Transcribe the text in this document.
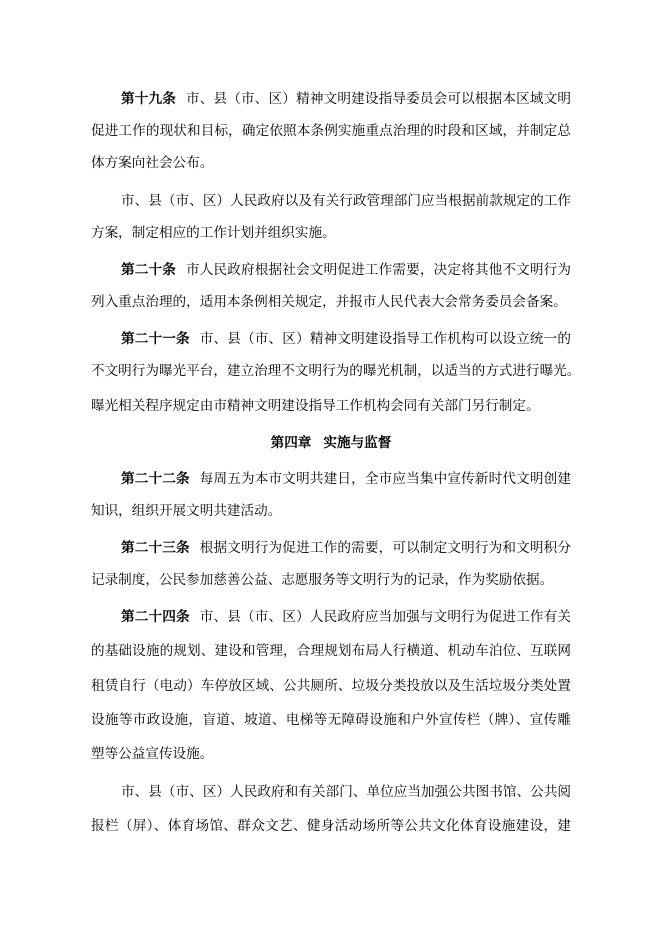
第十九条 市、县（市、区）精神文明建设指导委员会可以根据本区域文明
促进工作的现状和目标，确定依照本条例实施重点治理的时段和区域，并制定总
体方案向社会公布。
市、县（市、区）人民政府以及有关行政管理部门应当根据前款规定的工作
方案，制定相应的工作计划并组织实施。
第二十条 市人民政府根据社会文明促进工作需要，决定将其他不文明行为
列入重点治理的，适用本条例相关规定，并报市人民代表大会常务委员会备案。
第二十一条 市、县（市、区）精神文明建设指导工作机构可以设立统一的
不文明行为曝光平台，建立治理不文明行为的曝光机制，以适当的方式进行曝光。
曝光相关程序规定由市精神文明建设指导工作机构会同有关部门另行制定。
第四章 实施与监督
第二十二条 每周五为本市文明共建日，全市应当集中宣传新时代文明创建
知识，组织开展文明共建活动。
第二十三条 根据文明行为促进工作的需要，可以制定文明行为和文明积分
记录制度，公民参加慈善公益、志愿服务等文明行为的记录，作为奖励依据。
第二十四条 市、县（市、区）人民政府应当加强与文明行为促进工作有关
的基础设施的规划、建设和管理，合理规划布局人行横道、机动车泊位、互联网
租赁自行（电动）车停放区域、公共厕所、垃圾分类投放以及生活垃圾分类处置
设施等市政设施，盲道、坡道、电梯等无障碍设施和户外宣传栏（牌）、宣传雕
塑等公益宣传设施。
市、县（市、区）人民政府和有关部门、单位应当加强公共图书馆、公共阅
报栏（屏）、体育场馆、群众文艺、健身活动场所等公共文化体育设施建设，建
